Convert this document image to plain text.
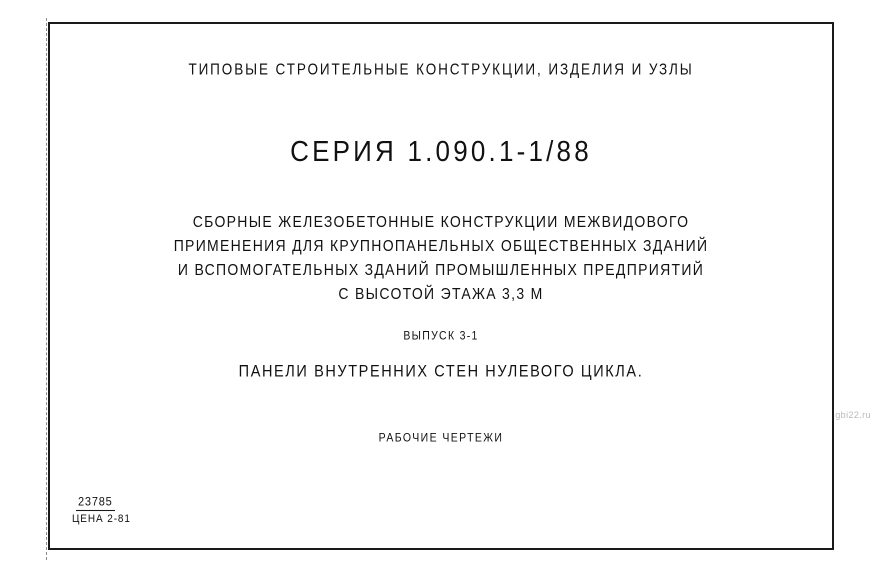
ТИПОВЫЕ СТРОИТЕЛЬНЫЕ КОНСТРУКЦИИ, ИЗДЕЛИЯ И УЗЛЫ
СЕРИЯ 1.090.1-1/88
СБОРНЫЕ ЖЕЛЕЗОБЕТОННЫЕ КОНСТРУКЦИИ МЕЖВИДОВОГО
ПРИМЕНЕНИЯ ДЛЯ КРУПНОПАНЕЛЬНЫХ ОБЩЕСТВЕННЫХ ЗДАНИЙ
И ВСПОМОГАТЕЛЬНЫХ ЗДАНИЙ ПРОМЫШЛЕННЫХ ПРЕДПРИЯТИЙ
С ВЫСОТОЙ ЭТАЖА 3,3 М
ВЫПУСК 3-1
ПАНЕЛИ ВНУТРЕННИХ СТЕН НУЛЕВОГО ЦИКЛА.
РАБОЧИЕ ЧЕРТЕЖИ
23785
ЦЕНА 2-81
gbi22.ru
